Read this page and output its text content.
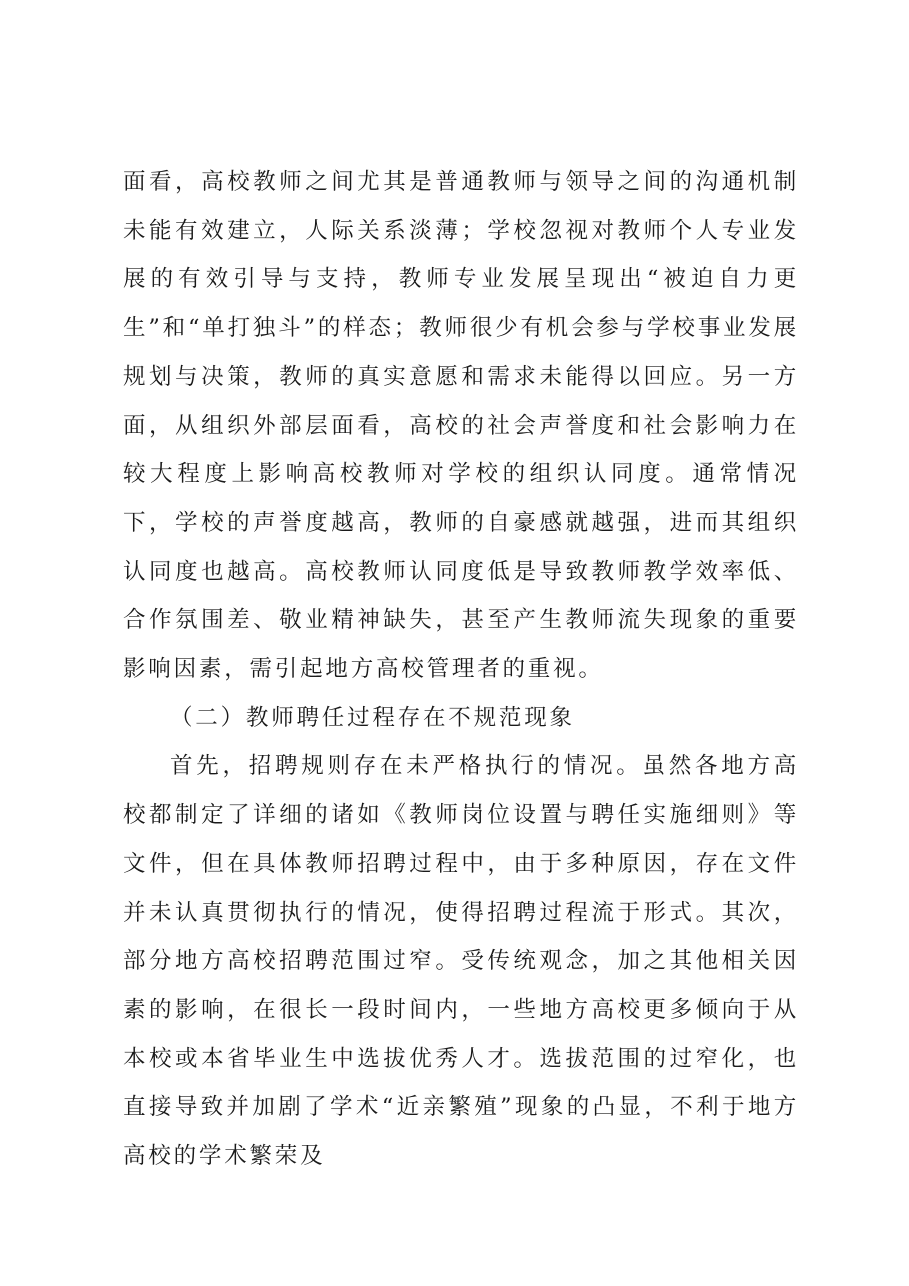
面看，高校教师之间尤其是普通教师与领导之间的沟通机制未能有效建立，人际关系淡薄；学校忽视对教师个人专业发展的有效引导与支持，教师专业发展呈现出“被迫自力更生”和“单打独斗”的样态；教师很少有机会参与学校事业发展规划与决策，教师的真实意愿和需求未能得以回应。另一方面，从组织外部层面看，高校的社会声誉度和社会影响力在较大程度上影响高校教师对学校的组织认同度。通常情况下，学校的声誉度越高，教师的自豪感就越强，进而其组织认同度也越高。高校教师认同度低是导致教师教学效率低、合作氛围差、敬业精神缺失，甚至产生教师流失现象的重要影响因素，需引起地方高校管理者的重视。

（二）教师聘任过程存在不规范现象

首先，招聘规则存在未严格执行的情况。虽然各地方高校都制定了详细的诸如《教师岗位设置与聘任实施细则》等文件，但在具体教师招聘过程中，由于多种原因，存在文件并未认真贯彻执行的情况，使得招聘过程流于形式。其次，部分地方高校招聘范围过窄。受传统观念，加之其他相关因素的影响，在很长一段时间内，一些地方高校更多倾向于从本校或本省毕业生中选拔优秀人才。选拔范围的过窄化，也直接导致并加剧了学术“近亲繁殖”现象的凸显，不利于地方高校的学术繁荣及
